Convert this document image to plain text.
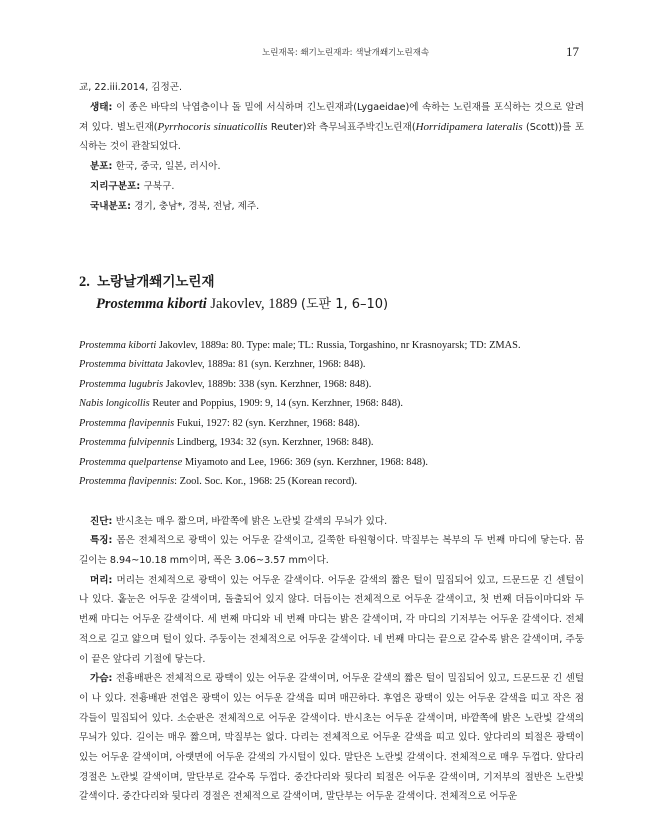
노린재목: 쐐기노린재과: 색날개쐐기노린재속	17

교, 22.iii.2014, 김정곤.

생태: 이 종은 바닥의 낙엽층이나 돌 밑에 서식하며 긴노린재과(Lygaeidae)에 속하는 노린재를 포식하는 것으로 알려져 있다. 별노린재(Pyrrhocoris sinuaticollis Reuter)와 측무늬표주박긴노린재(Horridipamera lateralis (Scott))를 포식하는 것이 관찰되었다.

분포: 한국, 중국, 일본, 러시아.

지리구분포: 구북구.

국내분포: 경기, 충남*, 경북, 전남, 제주.

2. 노랑날개쐐기노린재
Prostemma kiborti Jakovlev, 1889 (도판 1, 6–10)

Prostemma kiborti Jakovlev, 1889a: 80. Type: male; TL: Russia, Torgashino, nr Krasnoyarsk; TD: ZMAS.

Prostemma bivittata Jakovlev, 1889a: 81 (syn. Kerzhner, 1968: 848).

Prostemma lugubris Jakovlev, 1889b: 338 (syn. Kerzhner, 1968: 848).

Nabis longicollis Reuter and Poppius, 1909: 9, 14 (syn. Kerzhner, 1968: 848).

Prostemma flavipennis Fukui, 1927: 82 (syn. Kerzhner, 1968: 848).

Prostemma fulvipennis Lindberg, 1934: 32 (syn. Kerzhner, 1968: 848).

Prostemma quelpartense Miyamoto and Lee, 1966: 369 (syn. Kerzhner, 1968: 848).

Prostemma flavipennis: Zool. Soc. Kor., 1968: 25 (Korean record).

진단: 반시초는 매우 짧으며, 바깥쪽에 밝은 노란빛 갈색의 무늬가 있다.

특징: 몸은 전체적으로 광택이 있는 어두운 갈색이고, 길쭉한 타원형이다. 막질부는 복부의 두 번째 마디에 닿는다. 몸길이는 8.94~10.18 mm이며, 폭은 3.06~3.57 mm이다.

머리: 머리는 전체적으로 광택이 있는 어두운 갈색이다. 어두운 갈색의 짧은 털이 밀집되어 있고, 드문드문 긴 센털이 나 있다. 홑눈은 어두운 갈색이며, 돌출되어 있지 않다. 더듬이는 전체적으로 어두운 갈색이고, 첫 번째 더듬이마디와 두 번째 마디는 어두운 갈색이다. 세 번째 마디와 네 번째 마디는 밝은 갈색이며, 각 마디의 기저부는 어두운 갈색이다. 전체적으로 길고 얇으며 털이 있다. 주둥이는 전체적으로 어두운 갈색이다. 네 번째 마디는 끝으로 갈수록 밝은 갈색이며, 주둥이 끝은 앞다리 기절에 닿는다.

가슴: 전흉배판은 전체적으로 광택이 있는 어두운 갈색이며, 어두운 갈색의 짧은 털이 밀집되어 있고, 드문드문 긴 센털이 나 있다. 전흉배판 전엽은 광택이 있는 어두운 갈색을 띠며 매끈하다. 후엽은 광택이 있는 어두운 갈색을 띠고 작은 점각들이 밀집되어 있다. 소순판은 전체적으로 어두운 갈색이다. 반시초는 어두운 갈색이며, 바깥쪽에 밝은 노란빛 갈색의 무늬가 있다. 길이는 매우 짧으며, 막질부는 없다. 다리는 전체적으로 어두운 갈색을 띠고 있다. 앞다리의 퇴절은 광택이 있는 어두운 갈색이며, 아랫면에 어두운 갈색의 가시털이 있다. 말단은 노란빛 갈색이다. 전체적으로 매우 두껍다. 앞다리 경절은 노란빛 갈색이며, 말단부로 갈수록 두껍다. 중간다리와 뒷다리 퇴절은 어두운 갈색이며, 기저부의 절반은 노란빛 갈색이다. 중간다리와 뒷다리 경절은 전체적으로 갈색이며, 말단부는 어두운 갈색이다. 전체적으로 어두운
